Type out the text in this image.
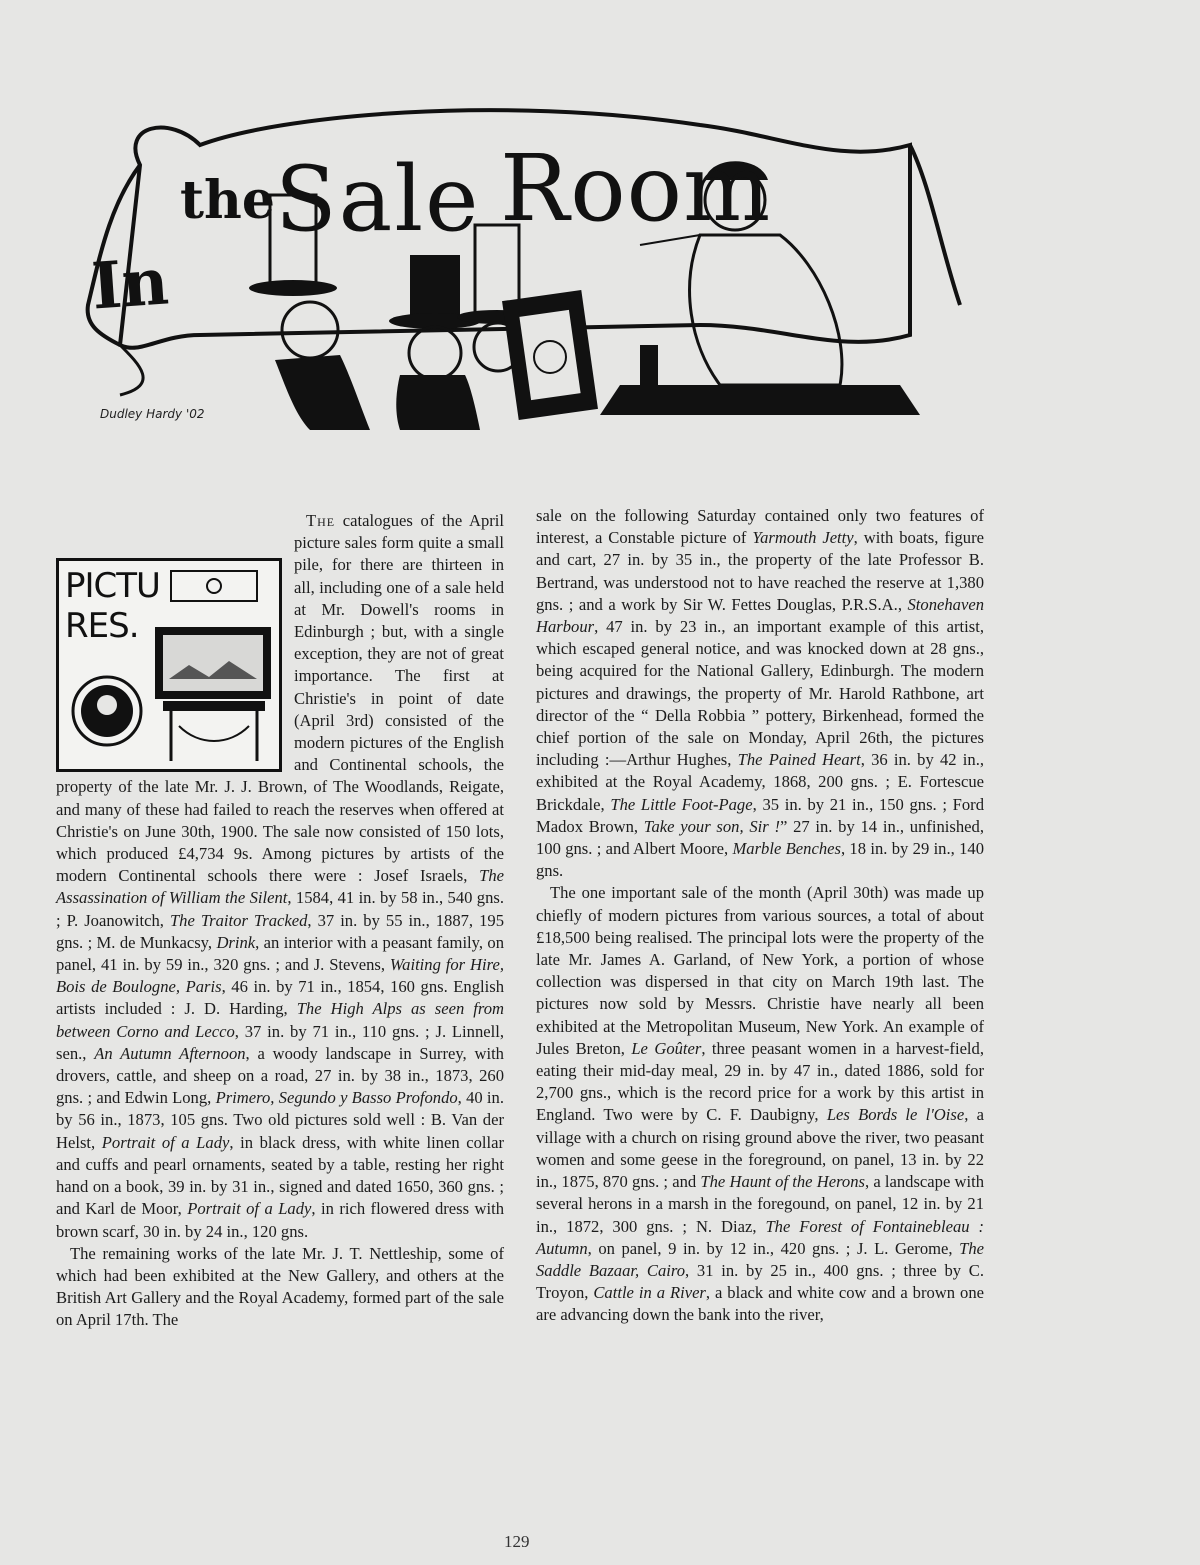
In
the Sale Room
Dudley Hardy '02
PICTU
RES.

The catalogues of the April picture sales form quite a small pile, for there are thirteen in all, including one of a sale held at Mr. Dowell's rooms in Edinburgh ; but, with a single exception, they are not of great importance. The first at Christie's in point of date (April 3rd) consisted of the modern pictures of the English and Continental schools, the property of the late Mr. J. J. Brown, of The Woodlands, Reigate, and many of these had failed to reach the reserves when offered at Christie's on June 30th, 1900. The sale now consisted of 150 lots, which produced £4,734 9s. Among pictures by artists of the modern Continental schools there were : Josef Israels, The Assassination of William the Silent, 1584, 41 in. by 58 in., 540 gns. ; P. Joanowitch, The Traitor Tracked, 37 in. by 55 in., 1887, 195 gns. ; M. de Munkacsy, Drink, an interior with a peasant family, on panel, 41 in. by 59 in., 320 gns. ; and J. Stevens, Waiting for Hire, Bois de Boulogne, Paris, 46 in. by 71 in., 1854, 160 gns. English artists included : J. D. Harding, The High Alps as seen from between Corno and Lecco, 37 in. by 71 in., 110 gns. ; J. Linnell, sen., An Autumn Afternoon, a woody landscape in Surrey, with drovers, cattle, and sheep on a road, 27 in. by 38 in., 1873, 260 gns. ; and Edwin Long, Primero, Segundo y Basso Profondo, 40 in. by 56 in., 1873, 105 gns. Two old pictures sold well : B. Van der Helst, Portrait of a Lady, in black dress, with white linen collar and cuffs and pearl ornaments, seated by a table, resting her right hand on a book, 39 in. by 31 in., signed and dated 1650, 360 gns. ; and Karl de Moor, Portrait of a Lady, in rich flowered dress with brown scarf, 30 in. by 24 in., 120 gns.

The remaining works of the late Mr. J. T. Nettleship, some of which had been exhibited at the New Gallery, and others at the British Art Gallery and the Royal Academy, formed part of the sale on April 17th. The

sale on the following Saturday contained only two features of interest, a Constable picture of Yarmouth Jetty, with boats, figure and cart, 27 in. by 35 in., the property of the late Professor B. Bertrand, was understood not to have reached the reserve at 1,380 gns. ; and a work by Sir W. Fettes Douglas, P.R.S.A., Stonehaven Harbour, 47 in. by 23 in., an important example of this artist, which escaped general notice, and was knocked down at 28 gns., being acquired for the National Gallery, Edinburgh. The modern pictures and drawings, the property of Mr. Harold Rathbone, art director of the “ Della Robbia ” pottery, Birkenhead, formed the chief portion of the sale on Monday, April 26th, the pictures including :—Arthur Hughes, The Pained Heart, 36 in. by 42 in., exhibited at the Royal Academy, 1868, 200 gns. ; E. Fortescue Brickdale, The Little Foot-Page, 35 in. by 21 in., 150 gns. ; Ford Madox Brown, Take your son, Sir !” 27 in. by 14 in., unfinished, 100 gns. ; and Albert Moore, Marble Benches, 18 in. by 29 in., 140 gns.

The one important sale of the month (April 30th) was made up chiefly of modern pictures from various sources, a total of about £18,500 being realised. The principal lots were the property of the late Mr. James A. Garland, of New York, a portion of whose collection was dispersed in that city on March 19th last. The pictures now sold by Messrs. Christie have nearly all been exhibited at the Metropolitan Museum, New York. An example of Jules Breton, Le Goûter, three peasant women in a harvest-field, eating their mid-day meal, 29 in. by 47 in., dated 1886, sold for 2,700 gns., which is the record price for a work by this artist in England. Two were by C. F. Daubigny, Les Bords le l'Oise, a village with a church on rising ground above the river, two peasant women and some geese in the foreground, on panel, 13 in. by 22 in., 1875, 870 gns. ; and The Haunt of the Herons, a landscape with several herons in a marsh in the foregound, on panel, 12 in. by 21 in., 1872, 300 gns. ; N. Diaz, The Forest of Fontainebleau : Autumn, on panel, 9 in. by 12 in., 420 gns. ; J. L. Gerome, The Saddle Bazaar, Cairo, 31 in. by 25 in., 400 gns. ; three by C. Troyon, Cattle in a River, a black and white cow and a brown one are advancing down the bank into the river,

129
